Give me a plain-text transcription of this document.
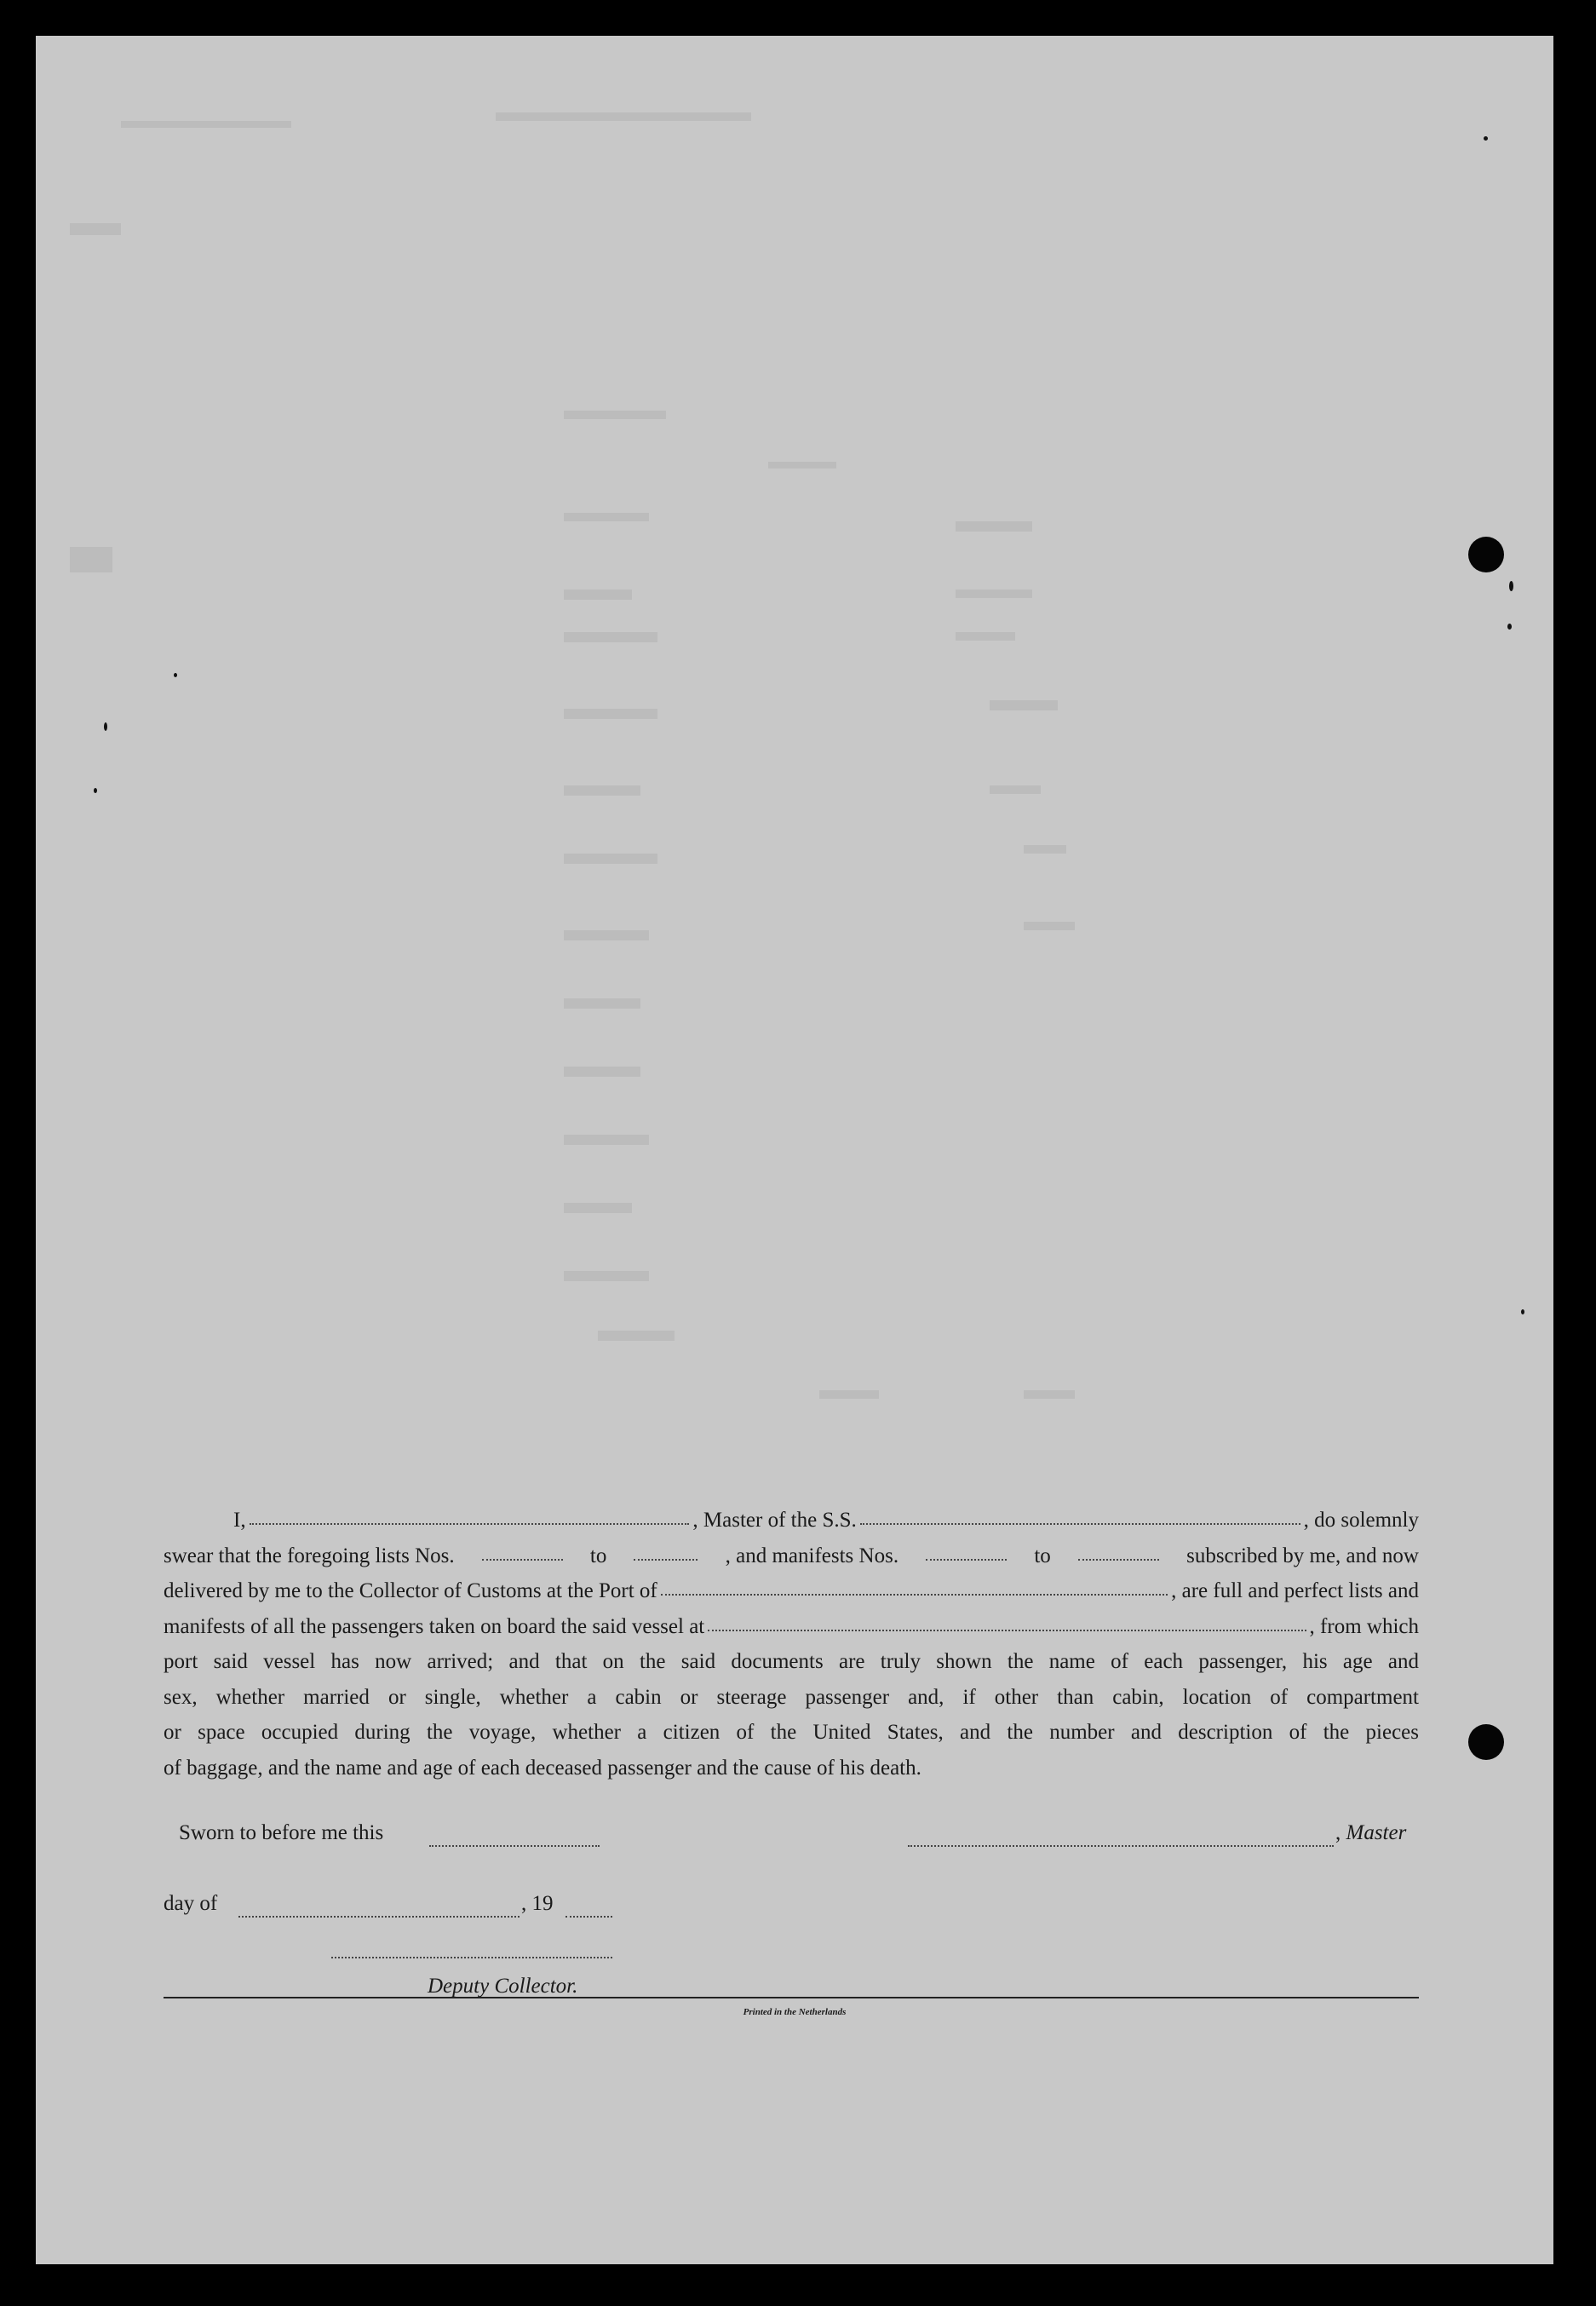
I,	, Master of the S.S.	, do solemnly
swear that the foregoing lists Nos.	to	, and manifests Nos.	to	subscribed by me, and now
delivered by me to the Collector of Customs at the Port of	, are full and perfect lists and
manifests of all the passengers taken on board the said vessel at	, from which
port said vessel has now arrived; and that on the said documents are truly shown the name of each passenger, his age and
sex, whether married or single, whether a cabin or steerage passenger and, if other than cabin, location of compartment
or space occupied during the voyage, whether a citizen of the United States, and the number and description of the pieces
of baggage, and the name and age of each deceased passenger and the cause of his death.
Sworn to before me this	, Master
day of	, 19
Deputy Collector.
Printed in the Netherlands
